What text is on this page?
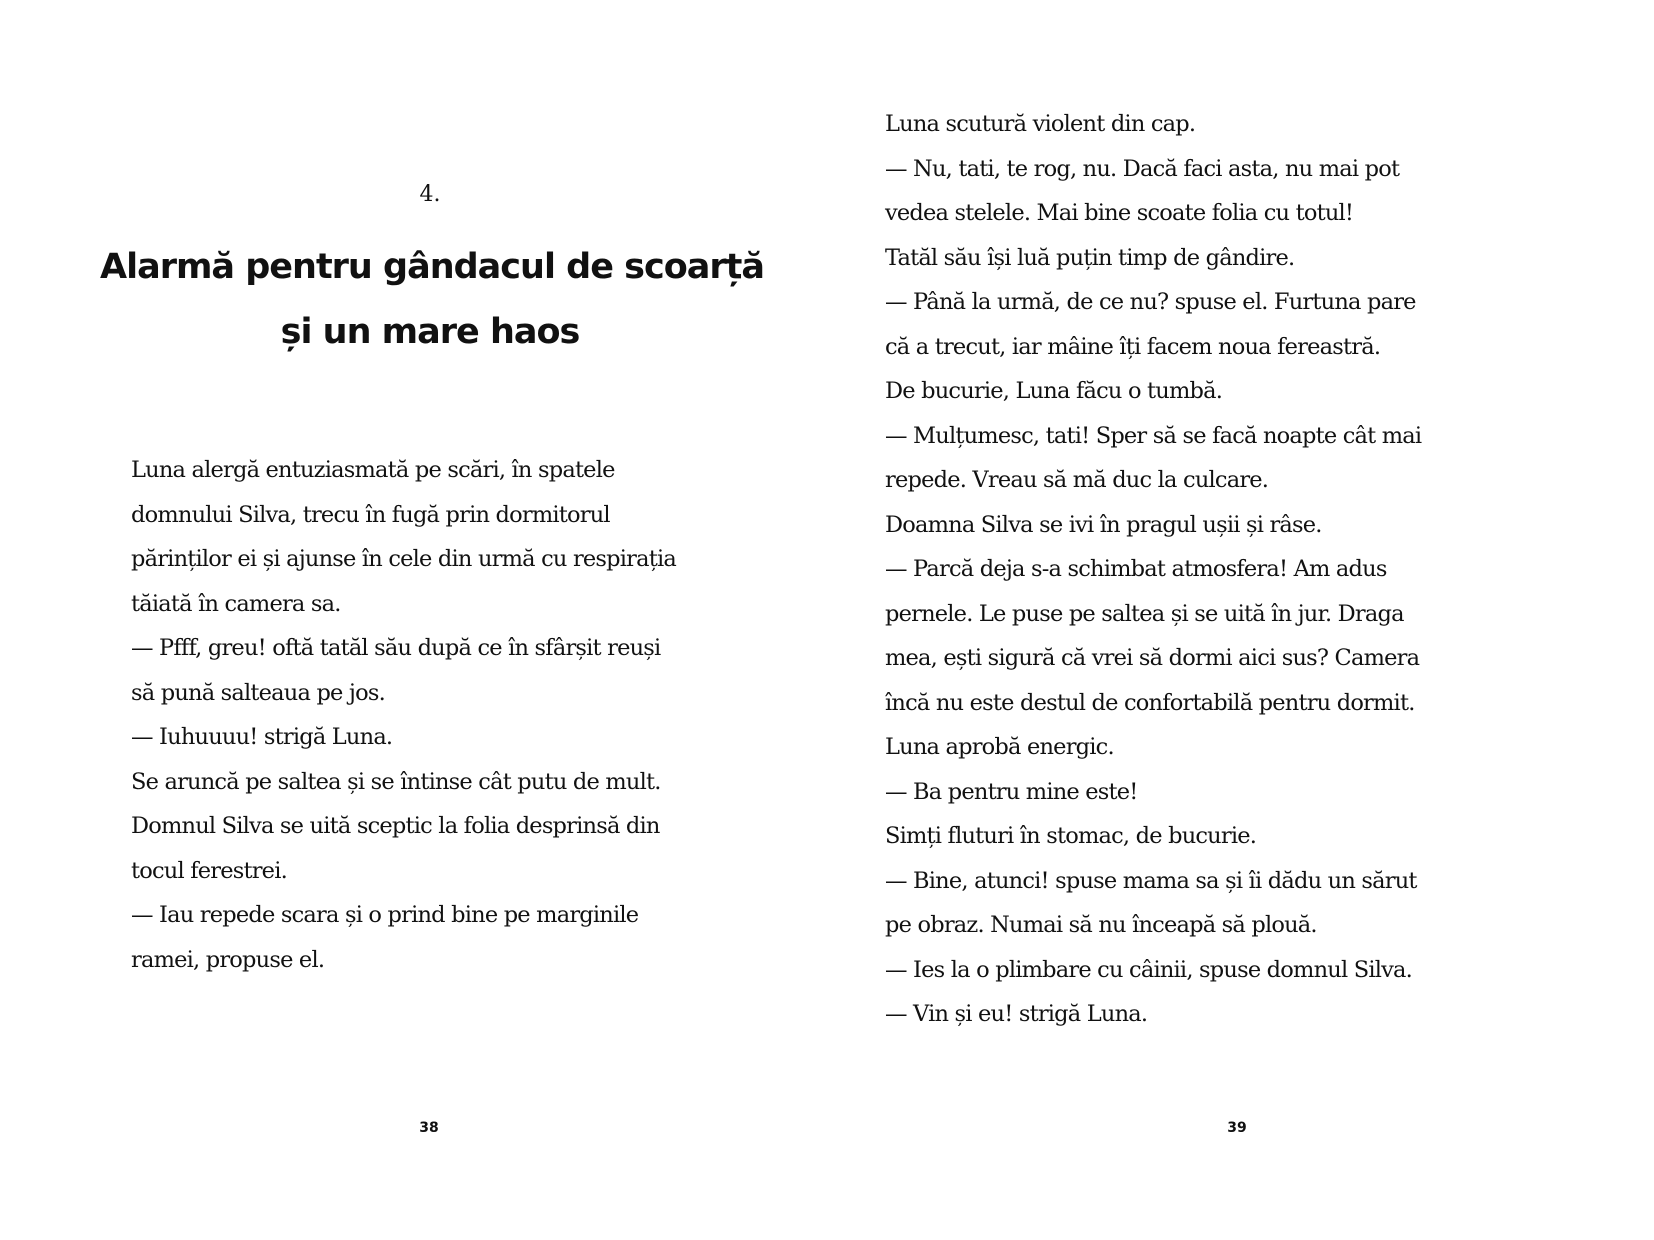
4.
Alarmă pentru gândacul de scoarță
și un mare haos
Luna alergă entuziasmată pe scări, în spatele
domnului Silva, trecu în fugă prin dormitorul
părinților ei și ajunse în cele din urmă cu respirația
tăiată în camera sa.
— Pfff, greu! oftă tatăl său după ce în sfârșit reuși
să pună salteaua pe jos.
— Iuhuuuu! strigă Luna.
Se aruncă pe saltea și se întinse cât putu de mult.
Domnul Silva se uită sceptic la folia desprinsă din
tocul ferestrei.
— Iau repede scara și o prind bine pe marginile
ramei, propuse el.
38
Luna scutură violent din cap.
— Nu, tati, te rog, nu. Dacă faci asta, nu mai pot
vedea stelele. Mai bine scoate folia cu totul!
Tatăl său își luă puțin timp de gândire.
— Până la urmă, de ce nu? spuse el. Furtuna pare
că a trecut, iar mâine îți facem noua fereastră.
De bucurie, Luna făcu o tumbă.
— Mulțumesc, tati! Sper să se facă noapte cât mai
repede. Vreau să mă duc la culcare.
Doamna Silva se ivi în pragul ușii și râse.
— Parcă deja s-a schimbat atmosfera! Am adus
pernele. Le puse pe saltea și se uită în jur. Draga
mea, ești sigură că vrei să dormi aici sus? Camera
încă nu este destul de confortabilă pentru dormit.
Luna aprobă energic.
— Ba pentru mine este!
Simți fluturi în stomac, de bucurie.
— Bine, atunci! spuse mama sa și îi dădu un sărut
pe obraz. Numai să nu înceapă să plouă.
— Ies la o plimbare cu câinii, spuse domnul Silva.
— Vin și eu! strigă Luna.
39
